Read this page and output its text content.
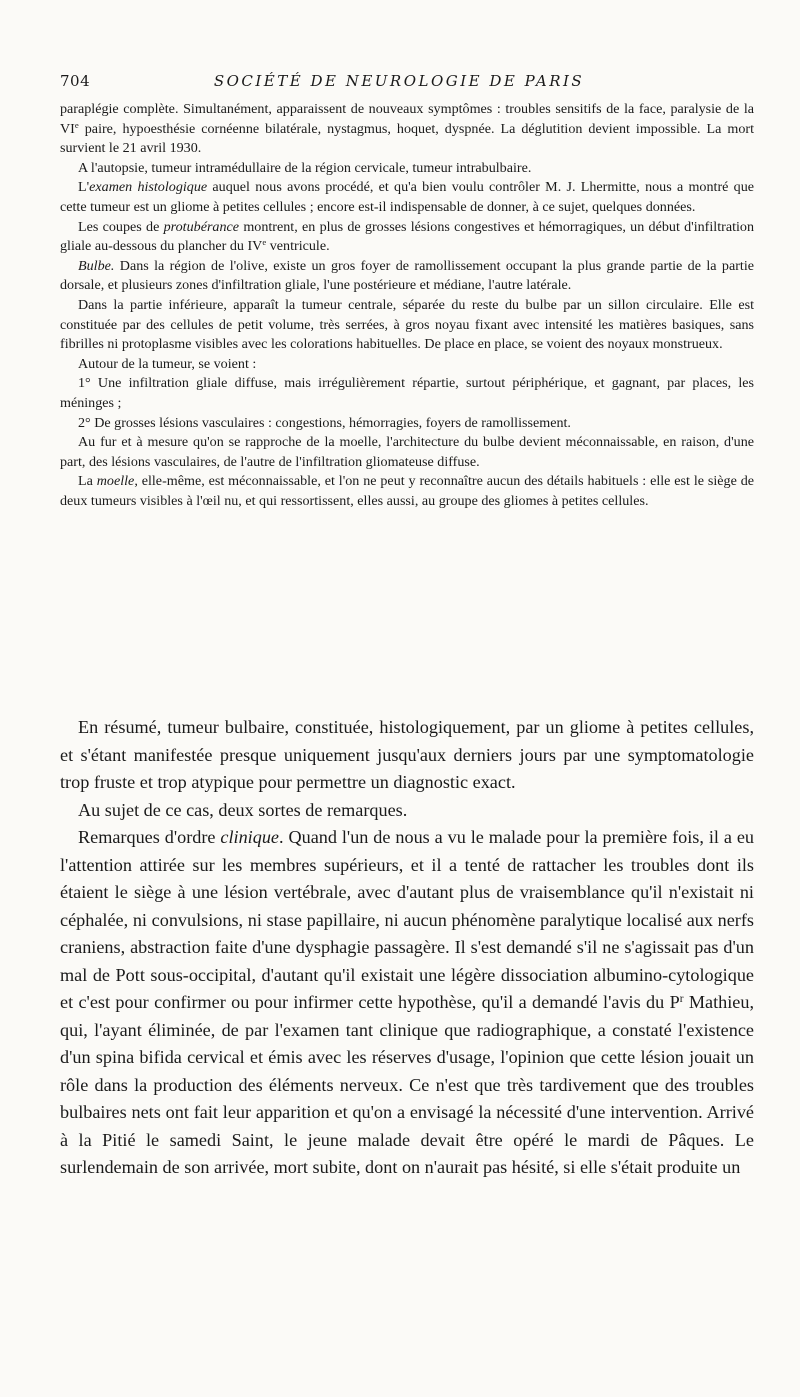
704	SOCIÉTÉ DE NEUROLOGIE DE PARIS

paraplégie complète. Simultanément, apparaissent de nouveaux symptômes : troubles sensitifs de la face, paralysie de la VIe paire, hypoesthésie cornéenne bilatérale, nystagmus, hoquet, dyspnée. La déglutition devient impossible. La mort survient le 21 avril 1930.

A l'autopsie, tumeur intramédullaire de la région cervicale, tumeur intrabulbaire.

L'examen histologique auquel nous avons procédé, et qu'a bien voulu contrôler M. J. Lhermitte, nous a montré que cette tumeur est un gliome à petites cellules ; encore est-il indispensable de donner, à ce sujet, quelques données.

Les coupes de protubérance montrent, en plus de grosses lésions congestives et hémorragiques, un début d'infiltration gliale au-dessous du plancher du IVe ventricule.

Bulbe. Dans la région de l'olive, existe un gros foyer de ramollissement occupant la plus grande partie de la partie dorsale, et plusieurs zones d'infiltration gliale, l'une postérieure et médiane, l'autre latérale.

Dans la partie inférieure, apparaît la tumeur centrale, séparée du reste du bulbe par un sillon circulaire. Elle est constituée par des cellules de petit volume, très serrées, à gros noyau fixant avec intensité les matières basiques, sans fibrilles ni protoplasme visibles avec les colorations habituelles. De place en place, se voient des noyaux monstrueux.

Autour de la tumeur, se voient :

1° Une infiltration gliale diffuse, mais irrégulièrement répartie, surtout périphérique, et gagnant, par places, les méninges ;

2° De grosses lésions vasculaires : congestions, hémorragies, foyers de ramollissement.

Au fur et à mesure qu'on se rapproche de la moelle, l'architecture du bulbe devient méconnaissable, en raison, d'une part, des lésions vasculaires, de l'autre de l'infiltration gliomateuse diffuse.

La moelle, elle-même, est méconnaissable, et l'on ne peut y reconnaître aucun des détails habituels : elle est le siège de deux tumeurs visibles à l'œil nu, et qui ressortissent, elles aussi, au groupe des gliomes à petites cellules.

En résumé, tumeur bulbaire, constituée, histologiquement, par un gliome à petites cellules, et s'étant manifestée presque uniquement jusqu'aux derniers jours par une symptomatologie trop fruste et trop atypique pour permettre un diagnostic exact.

Au sujet de ce cas, deux sortes de remarques.

Remarques d'ordre clinique. Quand l'un de nous a vu le malade pour la première fois, il a eu l'attention attirée sur les membres supérieurs, et il a tenté de rattacher les troubles dont ils étaient le siège à une lésion vertébrale, avec d'autant plus de vraisemblance qu'il n'existait ni céphalée, ni convulsions, ni stase papillaire, ni aucun phénomène paralytique localisé aux nerfs craniens, abstraction faite d'une dysphagie passagère. Il s'est demandé s'il ne s'agissait pas d'un mal de Pott sous-occipital, d'autant qu'il existait une légère dissociation albumino-cytologique et c'est pour confirmer ou pour infirmer cette hypothèse, qu'il a demandé l'avis du $P^r$ Mathieu, qui, l'ayant éliminée, de par l'examen tant clinique que radiographique, a constaté l'existence d'un spina bifida cervical et émis avec les réserves d'usage, l'opinion que cette lésion jouait un rôle dans la production des éléments nerveux. Ce n'est que très tardivement que des troubles bulbaires nets ont fait leur apparition et qu'on a envisagé la nécessité d'une intervention. Arrivé à la Pitié le samedi Saint, le jeune malade devait être opéré le mardi de Pâques. Le surlendemain de son arrivée, mort subite, dont on n'aurait pas hésité, si elle s'était produite un
